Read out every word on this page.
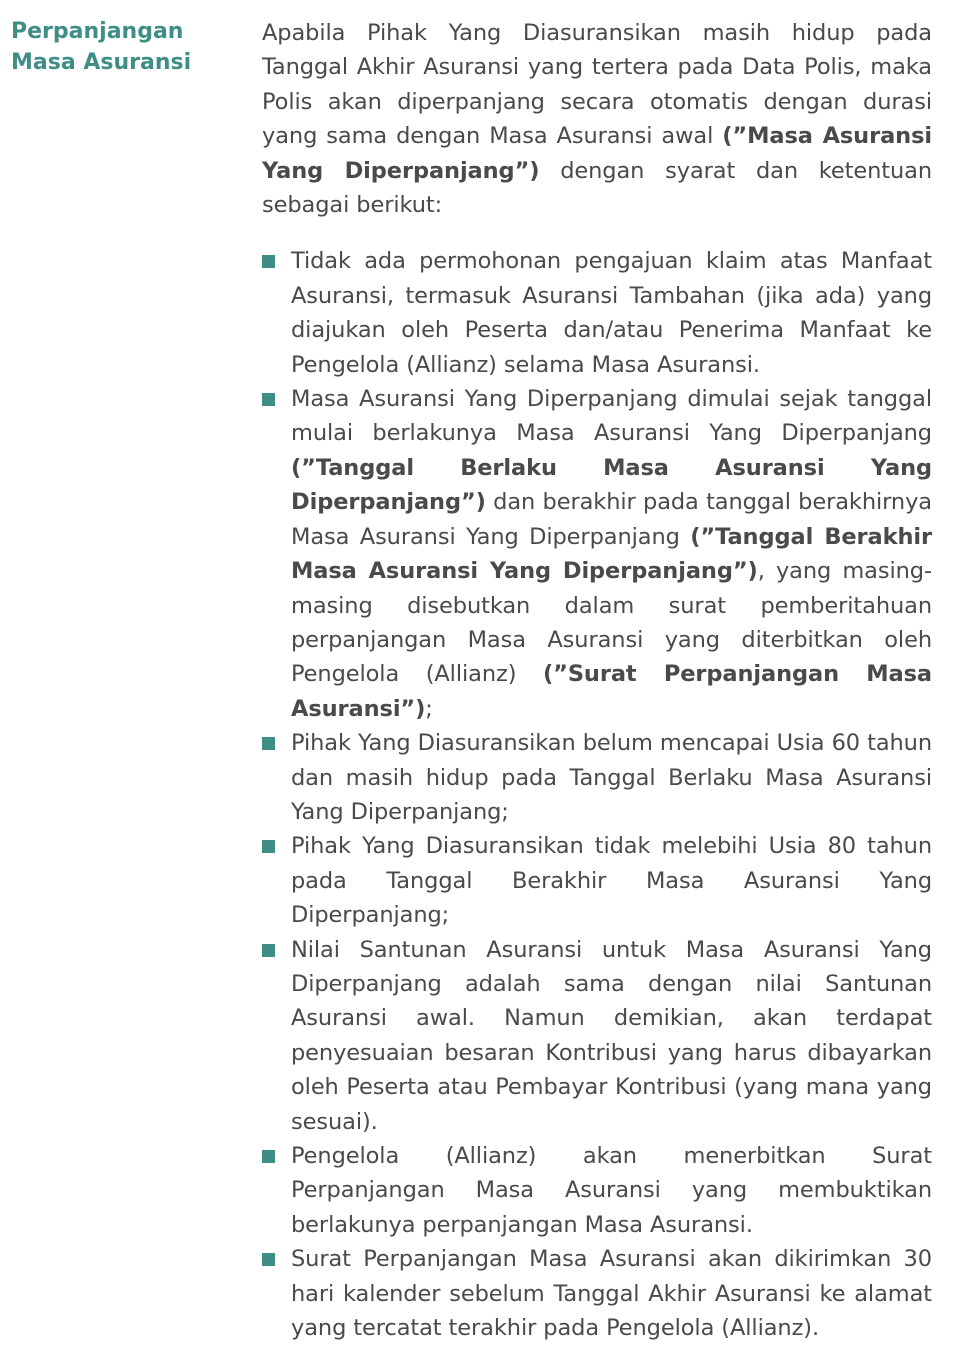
Perpanjangan
Masa Asuransi

Apabila Pihak Yang Diasuransikan masih hidup pada Tanggal Akhir Asuransi yang tertera pada Data Polis, maka Polis akan diperpanjang secara otomatis dengan durasi yang sama dengan Masa Asuransi awal (”Masa Asuransi Yang Diperpanjang”) dengan syarat dan ketentuan sebagai berikut:

Tidak ada permohonan pengajuan klaim atas Manfaat Asuransi, termasuk Asuransi Tambahan (jika ada) yang diajukan oleh Peserta dan/atau Penerima Manfaat ke Pengelola (Allianz) selama Masa Asuransi.
Masa Asuransi Yang Diperpanjang dimulai sejak tanggal mulai berlakunya Masa Asuransi Yang Diperpanjang (”Tanggal Berlaku Masa Asuransi Yang Diperpanjang”) dan berakhir pada tanggal berakhirnya Masa Asuransi Yang Diperpanjang (”Tanggal Berakhir Masa Asuransi Yang Diperpanjang”), yang masing-masing disebutkan dalam surat pemberitahuan perpanjangan Masa Asuransi yang diterbitkan oleh Pengelola (Allianz) (”Surat Perpanjangan Masa Asuransi”);
Pihak Yang Diasuransikan belum mencapai Usia 60 tahun dan masih hidup pada Tanggal Berlaku Masa Asuransi Yang Diperpanjang;
Pihak Yang Diasuransikan tidak melebihi Usia 80 tahun pada Tanggal Berakhir Masa Asuransi Yang Diperpanjang;
Nilai Santunan Asuransi untuk Masa Asuransi Yang Diperpanjang adalah sama dengan nilai Santunan Asuransi awal. Namun demikian, akan terdapat penyesuaian besaran Kontribusi yang harus dibayarkan oleh Peserta atau Pembayar Kontribusi (yang mana yang sesuai).
Pengelola (Allianz) akan menerbitkan Surat Perpanjangan Masa Asuransi yang membuktikan berlakunya perpanjangan Masa Asuransi.
Surat Perpanjangan Masa Asuransi akan dikirimkan 30 hari kalender sebelum Tanggal Akhir Asuransi ke alamat yang tercatat terakhir pada Pengelola (Allianz).
